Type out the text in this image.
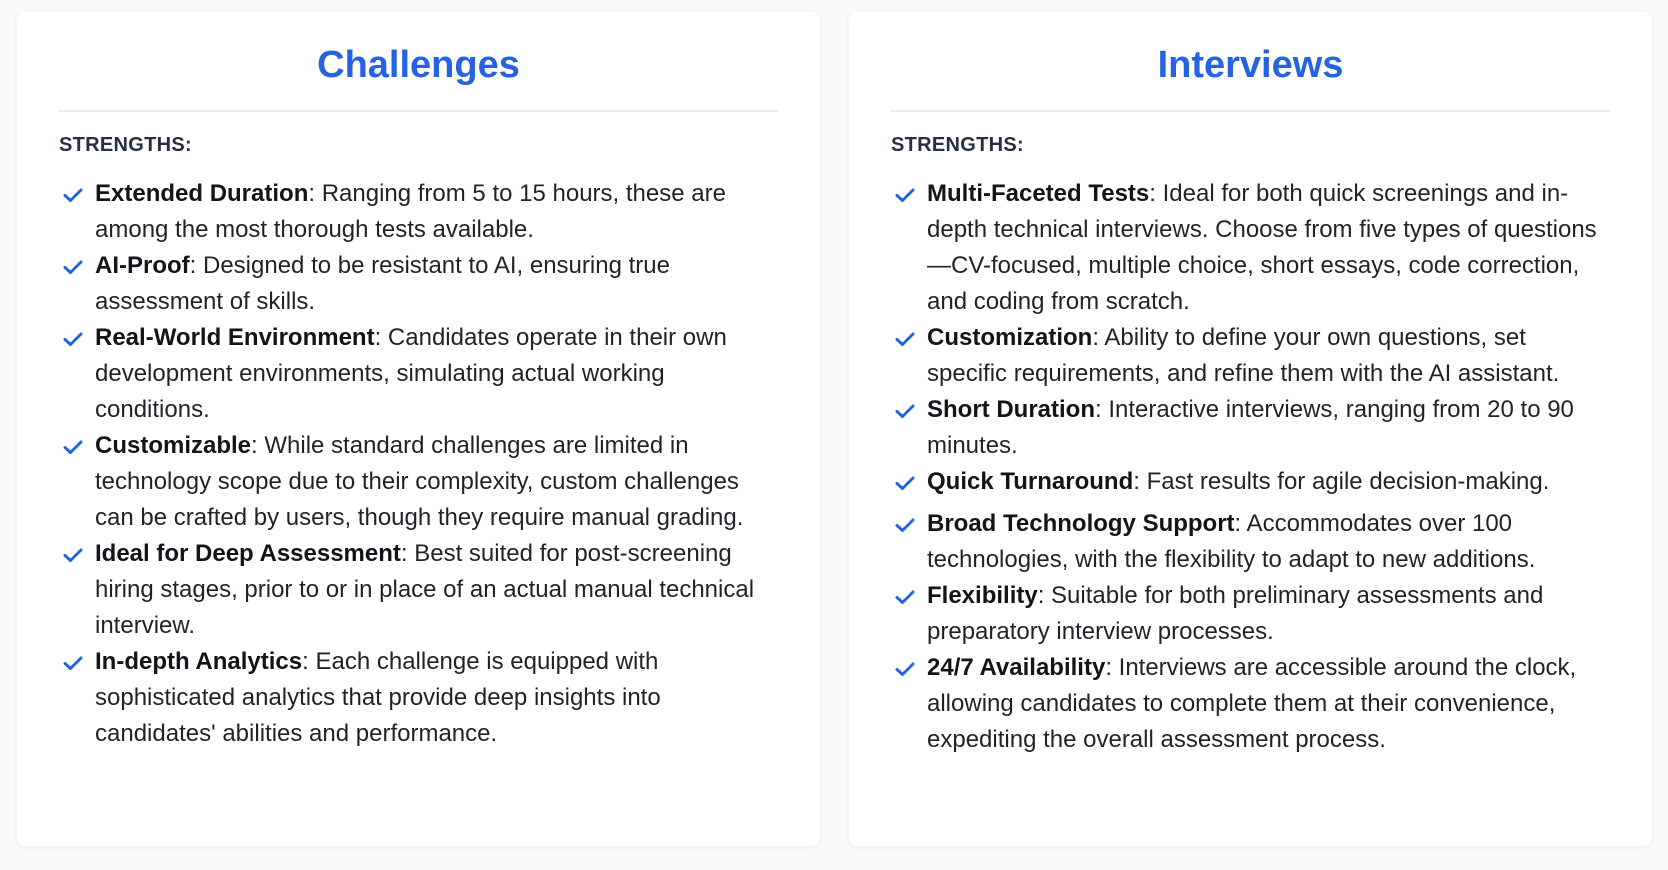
Challenges
STRENGTHS:
Extended Duration: Ranging from 5 to 15 hours, these are among the most thorough tests available.
AI-Proof: Designed to be resistant to AI, ensuring true assessment of skills.
Real-World Environment: Candidates operate in their own development environments, simulating actual working conditions.
Customizable: While standard challenges are limited in technology scope due to their complexity, custom challenges can be crafted by users, though they require manual grading.
Ideal for Deep Assessment: Best suited for post-screening hiring stages, prior to or in place of an actual manual technical interview.
In-depth Analytics: Each challenge is equipped with sophisticated analytics that provide deep insights into candidates' abilities and performance.
Interviews
STRENGTHS:
Multi-Faceted Tests: Ideal for both quick screenings and in-depth technical interviews. Choose from five types of questions—CV-focused, multiple choice, short essays, code correction, and coding from scratch.
Customization: Ability to define your own questions, set specific requirements, and refine them with the AI assistant.
Short Duration: Interactive interviews, ranging from 20 to 90 minutes.
Quick Turnaround: Fast results for agile decision-making.
Broad Technology Support: Accommodates over 100 technologies, with the flexibility to adapt to new additions.
Flexibility: Suitable for both preliminary assessments and preparatory interview processes.
24/7 Availability: Interviews are accessible around the clock, allowing candidates to complete them at their convenience, expediting the overall assessment process.
